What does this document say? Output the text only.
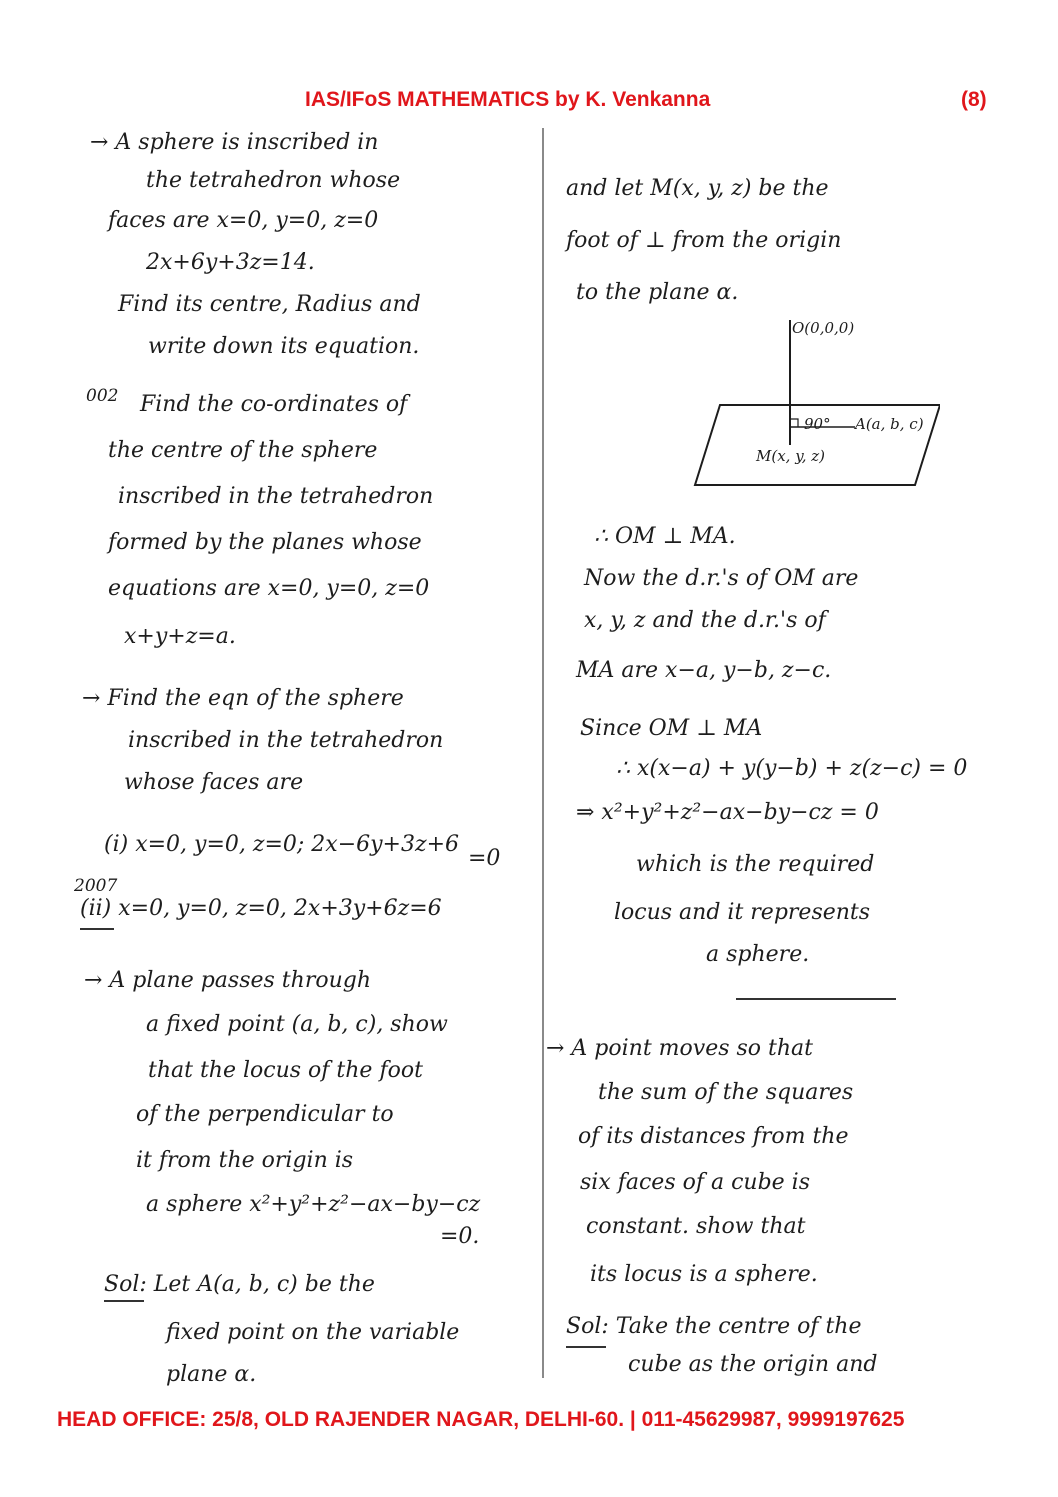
IAS/IFoS MATHEMATICS by K. Venkanna	(8)
→ A sphere is inscribed in
the tetrahedron whose
faces are x=0, y=0, z=0
2x+6y+3z=14.
Find its centre, Radius and
write down its equation.
002 Find the co-ordinates of
the centre of the sphere
inscribed in the tetrahedron
formed by the planes whose
equations are x=0, y=0, z=0
x+y+z=a.
→ Find the eqn of the sphere
inscribed in the tetrahedron
whose faces are
(i) x=0, y=0, z=0; 2x−6y+3z+6
=0
2007
(ii) x=0, y=0, z=0, 2x+3y+6z=6
→ A plane passes through
a fixed point (a, b, c), show
that the locus of the foot
of the perpendicular to
it from the origin is
a sphere x²+y²+z²−ax−by−cz
=0.
Sol: Let A(a, b, c) be the
fixed point on the variable
plane α.
and let M(x, y, z) be the
foot of ⊥ from the origin
to the plane α.
O(0,0,0)
90° A(a, b, c)
M(x, y, z)
∴ OM ⊥ MA.
Now the d.r.'s of OM are
x, y, z and the d.r.'s of
MA are x−a, y−b, z−c.
Since OM ⊥ MA
∴ x(x−a) + y(y−b) + z(z−c) = 0
⇒ x²+y²+z²−ax−by−cz = 0
which is the required
locus and it represents
a sphere.
→ A point moves so that
the sum of the squares
of its distances from the
six faces of a cube is
constant. show that
its locus is a sphere.
Sol: Take the centre of the
cube as the origin and
HEAD OFFICE: 25/8, OLD RAJENDER NAGAR, DELHI-60. | 011-45629987, 9999197625
